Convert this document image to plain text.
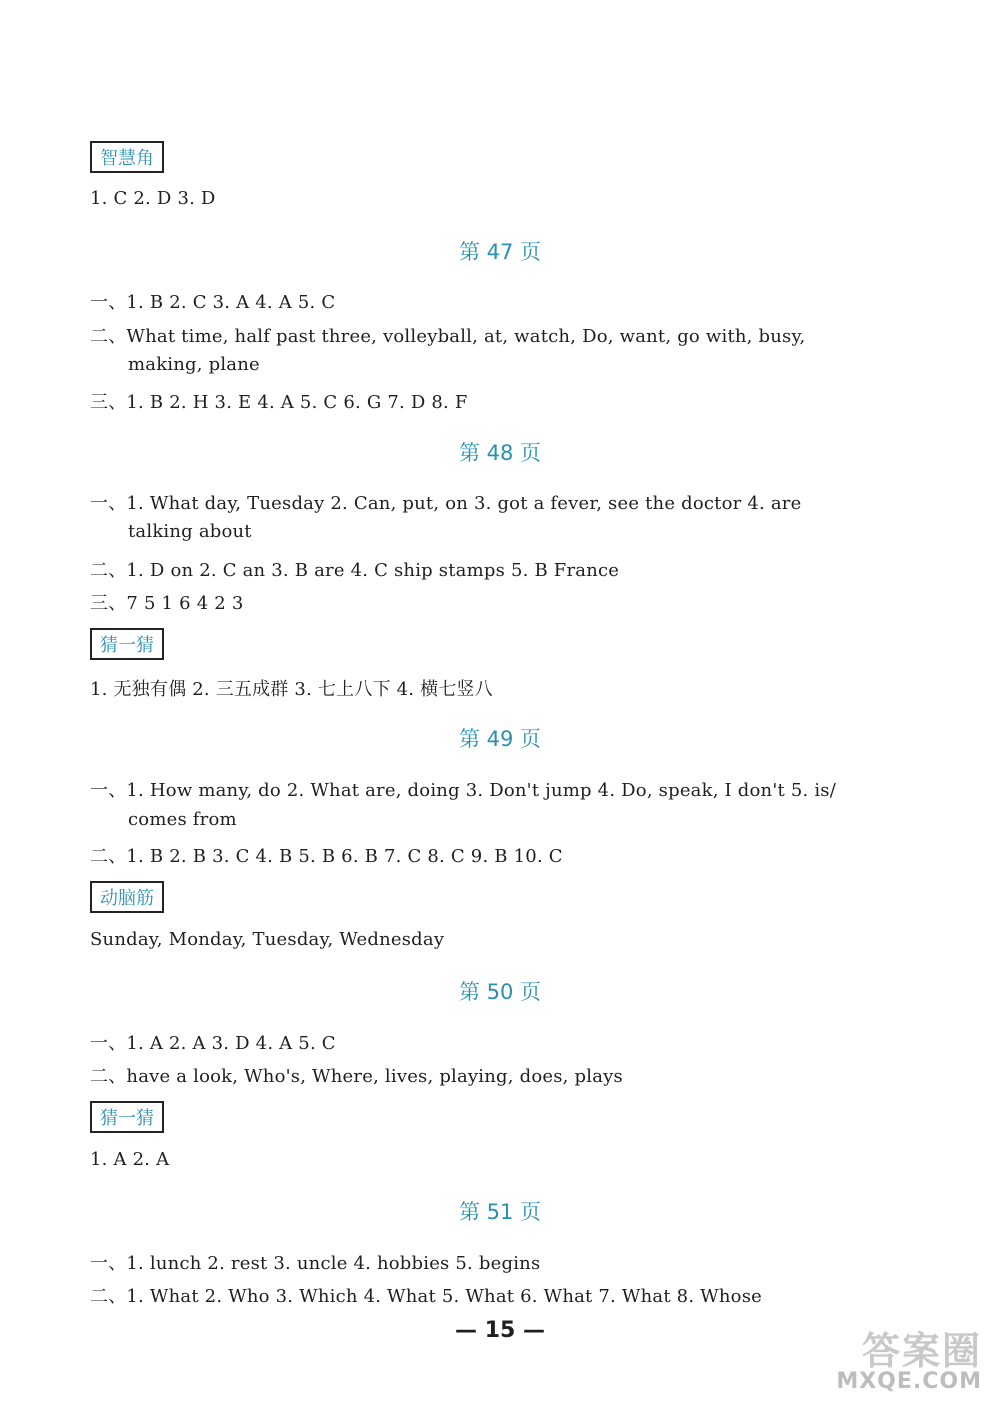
智慧角
1. C 2. D 3. D
第 47 页
一、1. B 2. C 3. A 4. A 5. C
二、What time, half past three, volleyball, at, watch, Do, want, go with, busy,
making, plane
三、1. B 2. H 3. E 4. A 5. C 6. G 7. D 8. F
第 48 页
一、1. What day, Tuesday 2. Can, put, on 3. got a fever, see the doctor 4. are
talking about
二、1. D on 2. C an 3. B are 4. C ship stamps 5. B France
三、7 5 1 6 4 2 3
猜一猜
1. 无独有偶 2. 三五成群 3. 七上八下 4. 横七竖八
第 49 页
一、1. How many, do 2. What are, doing 3. Don't jump 4. Do, speak, I don't 5. is/
comes from
二、1. B 2. B 3. C 4. B 5. B 6. B 7. C 8. C 9. B 10. C
动脑筋
Sunday, Monday, Tuesday, Wednesday
第 50 页
一、1. A 2. A 3. D 4. A 5. C
二、have a look, Who's, Where, lives, playing, does, plays
猜一猜
1. A 2. A
第 51 页
一、1. lunch 2. rest 3. uncle 4. hobbies 5. begins
二、1. What 2. Who 3. Which 4. What 5. What 6. What 7. What 8. Whose
— 15 —	答案圈
MXQE.COM
